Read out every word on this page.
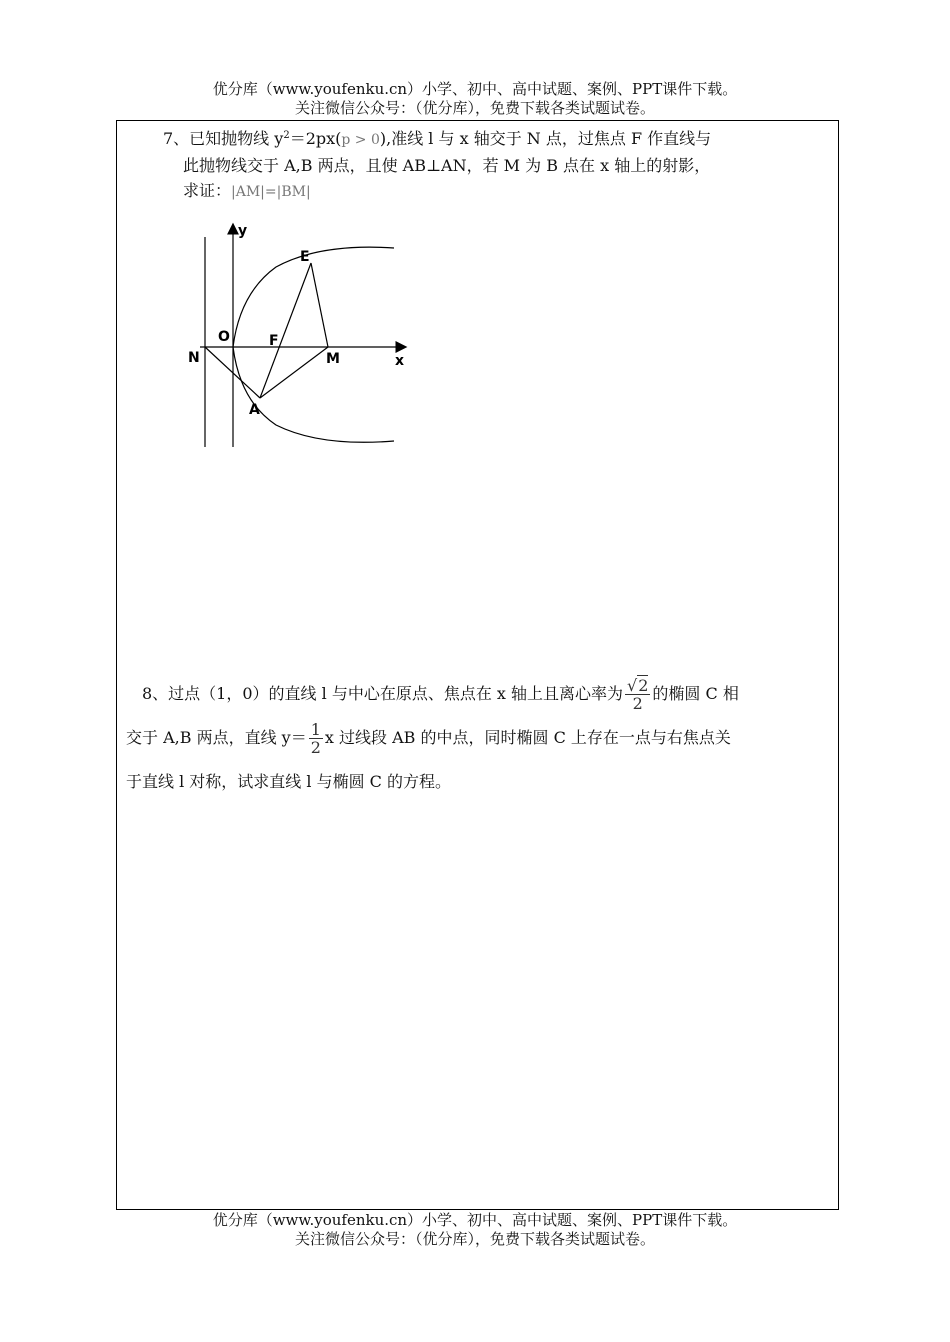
优分库（www.youfenku.cn）小学、初中、高中试题、案例、PPT课件下载。
关注微信公众号：（优分库），免费下载各类试题试卷。
7、已知抛物线 $y^2=2px(p > 0)$,准线 l 与 x 轴交于 N 点，过焦点 F 作直线与
此抛物线交于 A,B 两点，且使 AB⊥AN，若 M 为 B 点在 x 轴上的射影，
求证：|AM|=|BM|
y
x
E
O	F
N	M
A
8、过点（1，0）的直线 l 与中心在原点、焦点在 x 轴上且离心率为 $\frac{√2}{2}$ 的椭圆 C 相
交于 A,B 两点，直线 $y= \frac{1}{2}$ x 过线段 AB 的中点，同时椭圆 C 上存在一点与右焦点关
于直线 l 对称，试求直线 l 与椭圆 C 的方程。
优分库（www.youfenku.cn）小学、初中、高中试题、案例、PPT课件下载。
关注微信公众号：（优分库），免费下载各类试题试卷。
